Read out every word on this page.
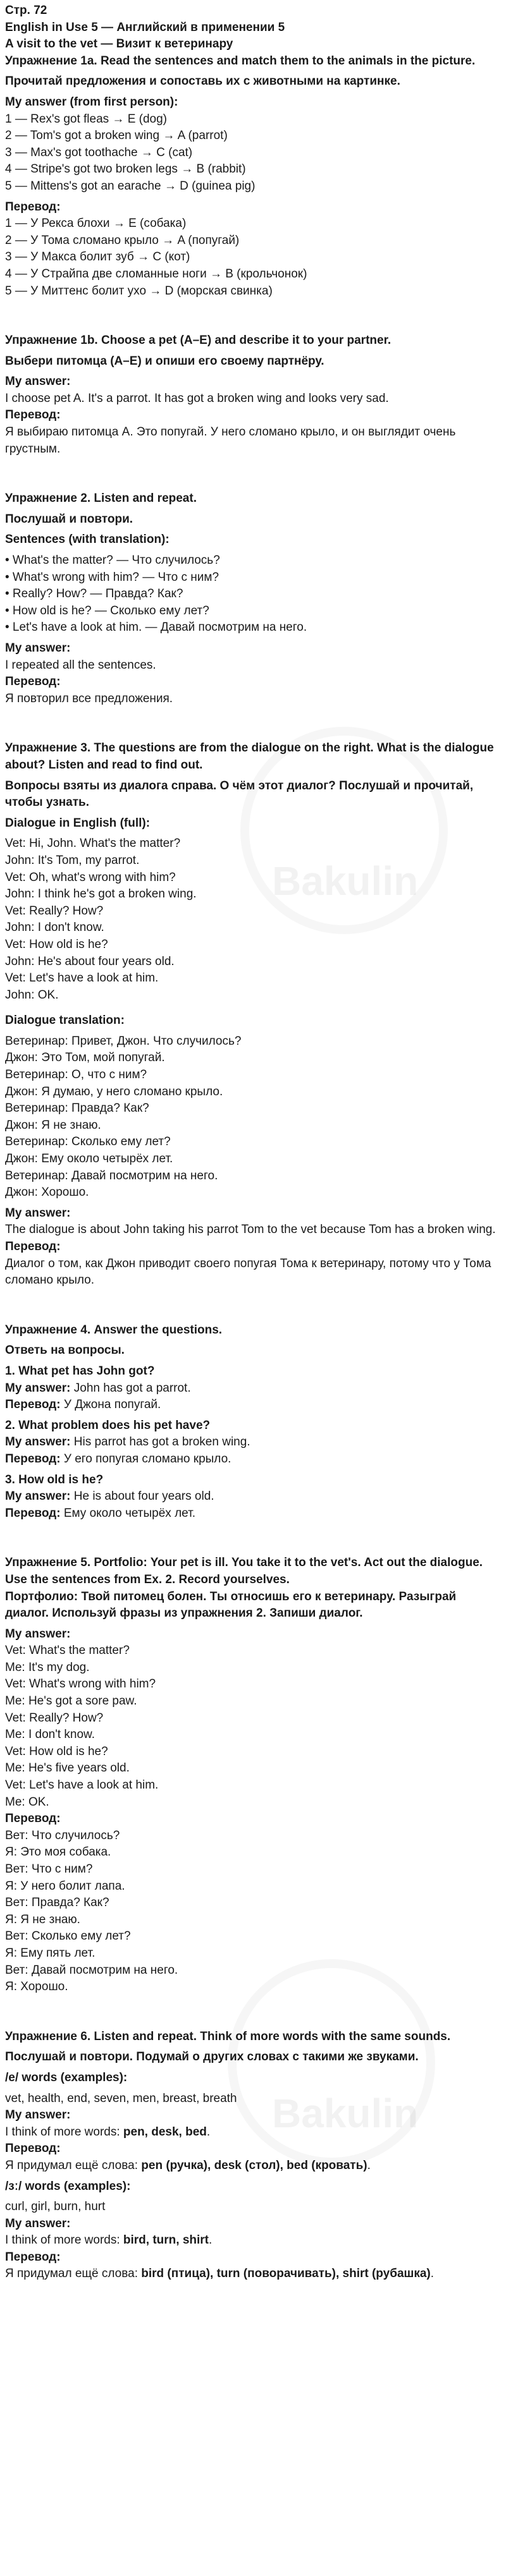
Bakulin
Bakulin

Стр. 72

English in Use 5 — Английский в применении 5

A visit to the vet — Визит к ветеринару

Упражнение 1a. Read the sentences and match them to the animals in the picture.

Прочитай предложения и сопоставь их с животными на картинке.

My answer (from first person):

1 — Rex's got fleas → E (dog)

2 — Tom's got a broken wing → A (parrot)

3 — Max's got toothache → C (cat)

4 — Stripe's got two broken legs → B (rabbit)

5 — Mittens's got an earache → D (guinea pig)

Перевод:

1 — У Рекса блохи → E (собака)

2 — У Тома сломано крыло → A (попугай)

3 — У Макса болит зуб → C (кот)

4 — У Страйпа две сломанные ноги → B (крольчонок)

5 — У Миттенс болит ухо → D (морская свинка)

Упражнение 1b. Choose a pet (A–E) and describe it to your partner.

Выбери питомца (A–E) и опиши его своему партнёру.

My answer:

I choose pet A. It's a parrot. It has got a broken wing and looks very sad.

Перевод:

Я выбираю питомца A. Это попугай. У него сломано крыло, и он выглядит очень грустным.

Упражнение 2. Listen and repeat.

Послушай и повтори.

Sentences (with translation):

• What's the matter? — Что случилось?

• What's wrong with him? — Что с ним?

• Really? How? — Правда? Как?

• How old is he? — Сколько ему лет?

• Let's have a look at him. — Давай посмотрим на него.

My answer:

I repeated all the sentences.

Перевод:

Я повторил все предложения.

Упражнение 3. The questions are from the dialogue on the right. What is the dialogue about? Listen and read to find out.

Вопросы взяты из диалога справа. О чём этот диалог? Послушай и прочитай, чтобы узнать.

Dialogue in English (full):

Vet: Hi, John. What's the matter?

John: It's Tom, my parrot.

Vet: Oh, what's wrong with him?

John: I think he's got a broken wing.

Vet: Really? How?

John: I don't know.

Vet: How old is he?

John: He's about four years old.

Vet: Let's have a look at him.

John: OK.

Dialogue translation:

Ветеринар: Привет, Джон. Что случилось?

Джон: Это Том, мой попугай.

Ветеринар: О, что с ним?

Джон: Я думаю, у него сломано крыло.

Ветеринар: Правда? Как?

Джон: Я не знаю.

Ветеринар: Сколько ему лет?

Джон: Ему около четырёх лет.

Ветеринар: Давай посмотрим на него.

Джон: Хорошо.

My answer:

The dialogue is about John taking his parrot Tom to the vet because Tom has a broken wing.

Перевод:

Диалог о том, как Джон приводит своего попугая Тома к ветеринару, потому что у Тома сломано крыло.

Упражнение 4. Answer the questions.

Ответь на вопросы.

1. What pet has John got?

My answer: John has got a parrot.

Перевод: У Джона попугай.

2. What problem does his pet have?

My answer: His parrot has got a broken wing.

Перевод: У его попугая сломано крыло.

3. How old is he?

My answer: He is about four years old.

Перевод: Ему около четырёх лет.

Упражнение 5. Portfolio: Your pet is ill. You take it to the vet's. Act out the dialogue. Use the sentences from Ex. 2. Record yourselves.

Портфолио: Твой питомец болен. Ты относишь его к ветеринару. Разыграй диалог. Используй фразы из упражнения 2. Запиши диалог.

My answer:

Vet: What's the matter?

Me: It's my dog.

Vet: What's wrong with him?

Me: He's got a sore paw.

Vet: Really? How?

Me: I don't know.

Vet: How old is he?

Me: He's five years old.

Vet: Let's have a look at him.

Me: OK.

Перевод:

Вет: Что случилось?

Я: Это моя собака.

Вет: Что с ним?

Я: У него болит лапа.

Вет: Правда? Как?

Я: Я не знаю.

Вет: Сколько ему лет?

Я: Ему пять лет.

Вет: Давай посмотрим на него.

Я: Хорошо.

Упражнение 6. Listen and repeat. Think of more words with the same sounds.

Послушай и повтори. Подумай о других словах с такими же звуками.

/e/ words (examples):

vet, health, end, seven, men, breast, breath

My answer:

I think of more words: pen, desk, bed.

Перевод:

Я придумал ещё слова: pen (ручка), desk (стол), bed (кровать).

/ɜː/ words (examples):

curl, girl, burn, hurt

My answer:

I think of more words: bird, turn, shirt.

Перевод:

Я придумал ещё слова: bird (птица), turn (поворачивать), shirt (рубашка).
